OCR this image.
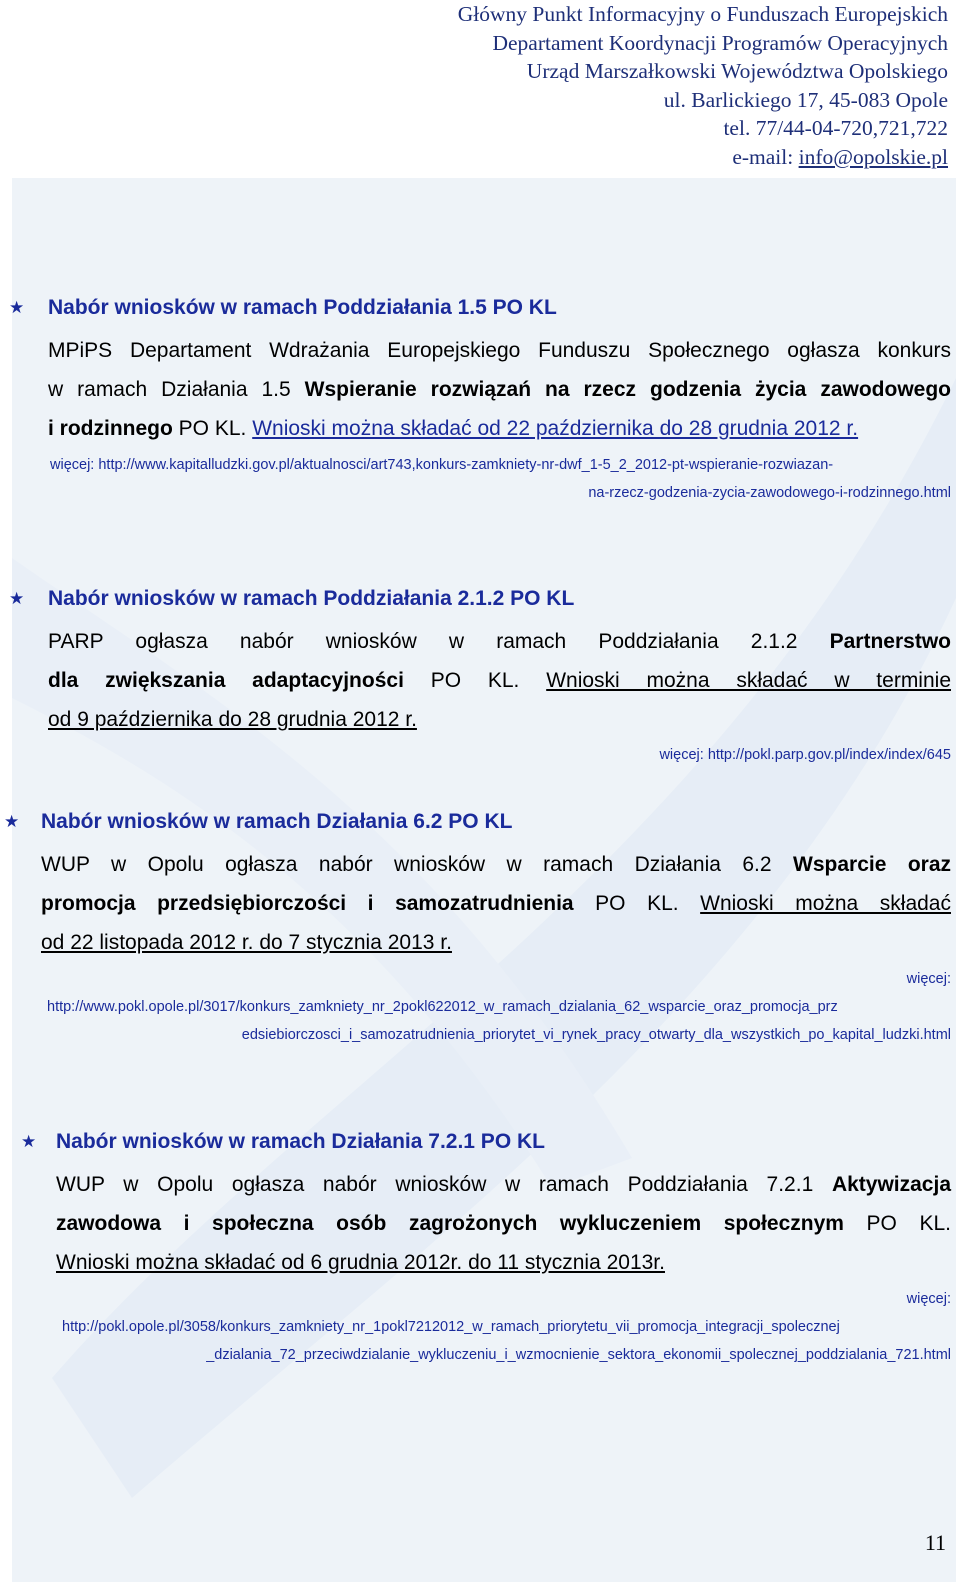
Główny Punkt Informacyjny o Funduszach Europejskich
Departament Koordynacji Programów Operacyjnych
Urząd Marszałkowski Województwa Opolskiego
ul. Barlickiego 17, 45-083 Opole
tel. 77/44-04-720,721,722
e-mail: info@opolskie.pl
★ Nabór wniosków w ramach Poddziałania 1.5 PO KL
MPiPS Departament Wdrażania Europejskiego Funduszu Społecznego ogłasza konkurs
w ramach Działania 1.5 Wspieranie rozwiązań na rzecz godzenia życia zawodowego
i rodzinnego PO KL. Wnioski można składać od 22 października do 28 grudnia 2012 r.
więcej: http://www.kapitalludzki.gov.pl/aktualnosci/art743,konkurs-zamkniety-nr-dwf_1-5_2_2012-pt-wspieranie-rozwiazan-
na-rzecz-godzenia-zycia-zawodowego-i-rodzinnego.html
★ Nabór wniosków w ramach Poddziałania 2.1.2 PO KL
PARP ogłasza nabór wniosków w ramach Poddziałania 2.1.2 Partnerstwo
dla zwiększania adaptacyjności PO KL. Wnioski można składać w terminie
od 9 października do 28 grudnia 2012 r.
więcej: http://pokl.parp.gov.pl/index/index/645
★ Nabór wniosków w ramach Działania 6.2 PO KL
WUP w Opolu ogłasza nabór wniosków w ramach Działania 6.2 Wsparcie oraz
promocja przedsiębiorczości i samozatrudnienia PO KL. Wnioski można składać
od 22 listopada 2012 r. do 7 stycznia 2013 r.
więcej:
http://www.pokl.opole.pl/3017/konkurs_zamkniety_nr_2pokl622012_w_ramach_dzialania_62_wsparcie_oraz_promocja_prz
edsiebiorczosci_i_samozatrudnienia_priorytet_vi_rynek_pracy_otwarty_dla_wszystkich_po_kapital_ludzki.html
★ Nabór wniosków w ramach Działania 7.2.1 PO KL
WUP w Opolu ogłasza nabór wniosków w ramach Poddziałania 7.2.1 Aktywizacja
zawodowa i społeczna osób zagrożonych wykluczeniem społecznym PO KL.
Wnioski można składać od 6 grudnia 2012r. do 11 stycznia 2013r.
więcej:
http://pokl.opole.pl/3058/konkurs_zamkniety_nr_1pokl7212012_w_ramach_priorytetu_vii_promocja_integracji_spolecznej
_dzialania_72_przeciwdzialanie_wykluczeniu_i_wzmocnienie_sektora_ekonomii_spolecznej_poddzialania_721.html
11
